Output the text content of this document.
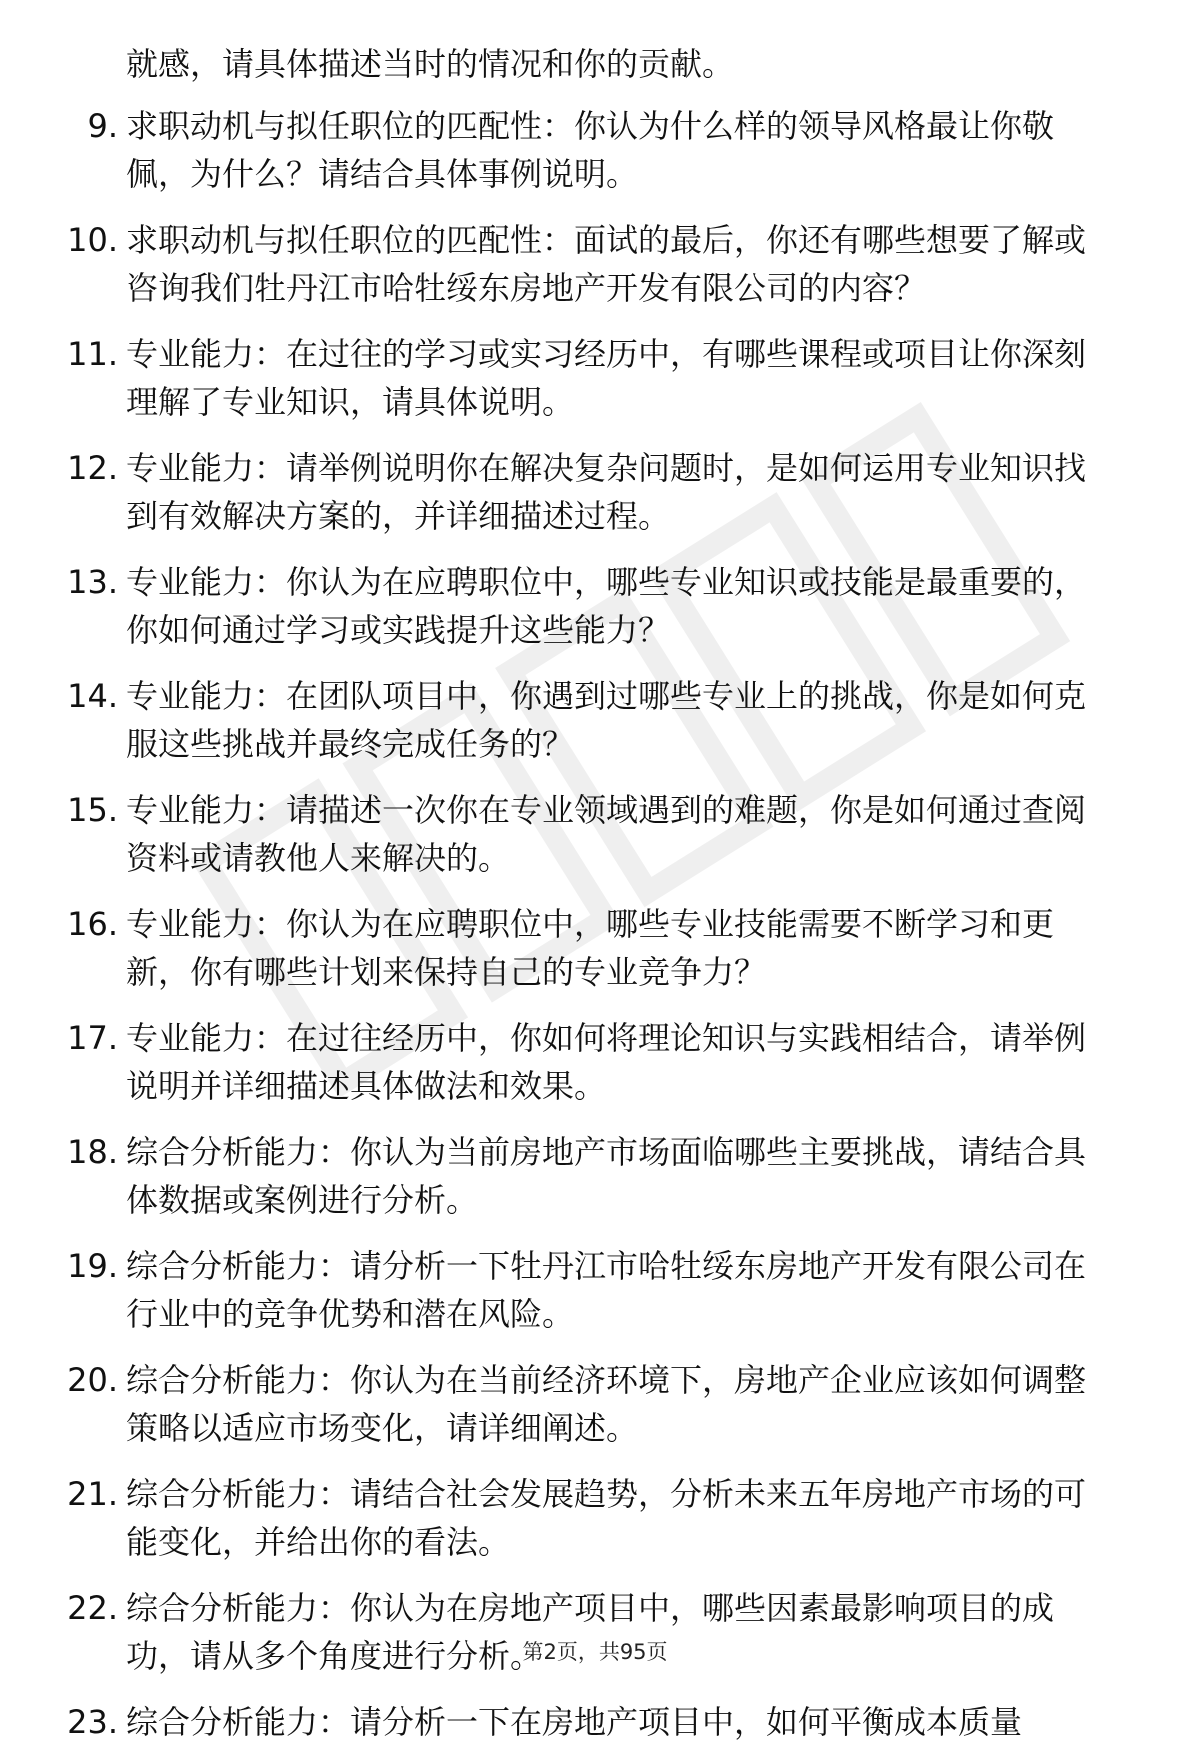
就感，请具体描述当时的情况和你的贡献。
9. 求职动机与拟任职位的匹配性：你认为什么样的领导风格最让你敬佩，为什么？请结合具体事例说明。
10. 求职动机与拟任职位的匹配性：面试的最后，你还有哪些想要了解或咨询我们牡丹江市哈牡绥东房地产开发有限公司的内容？
11. 专业能力：在过往的学习或实习经历中，有哪些课程或项目让你深刻理解了专业知识，请具体说明。
12. 专业能力：请举例说明你在解决复杂问题时，是如何运用专业知识找到有效解决方案的，并详细描述过程。
13. 专业能力：你认为在应聘职位中，哪些专业知识或技能是最重要的，你如何通过学习或实践提升这些能力？
14. 专业能力：在团队项目中，你遇到过哪些专业上的挑战，你是如何克服这些挑战并最终完成任务的？
15. 专业能力：请描述一次你在专业领域遇到的难题，你是如何通过查阅资料或请教他人来解决的。
16. 专业能力：你认为在应聘职位中，哪些专业技能需要不断学习和更新，你有哪些计划来保持自己的专业竞争力？
17. 专业能力：在过往经历中，你如何将理论知识与实践相结合，请举例说明并详细描述具体做法和效果。
18. 综合分析能力：你认为当前房地产市场面临哪些主要挑战，请结合具体数据或案例进行分析。
19. 综合分析能力：请分析一下牡丹江市哈牡绥东房地产开发有限公司在行业中的竞争优势和潜在风险。
20. 综合分析能力：你认为在当前经济环境下，房地产企业应该如何调整策略以适应市场变化，请详细阐述。
21. 综合分析能力：请结合社会发展趋势，分析未来五年房地产市场的可能变化，并给出你的看法。
22. 综合分析能力：你认为在房地产项目中，哪些因素最影响项目的成功，请从多个角度进行分析。
23. 综合分析能力：请分析一下在房地产项目中，如何平衡成本质量
第2页，共95页
